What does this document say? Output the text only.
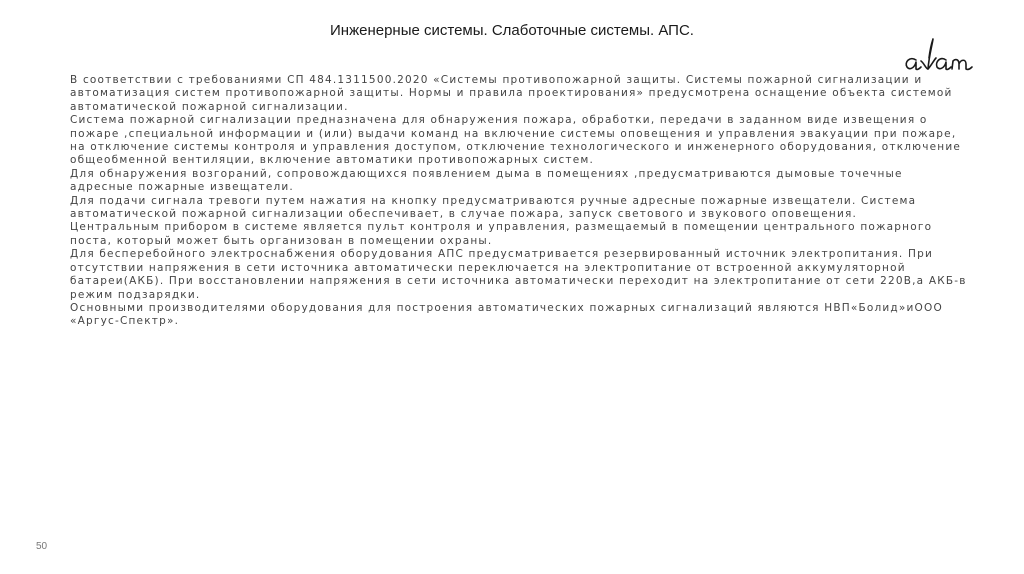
Инженерные системы. Слаботочные системы. АПС.

В соответствии с требованиями СП 484.1311500.2020 «Системы противопожарной защиты. Системы пожарной сигнализации и автоматизация систем противопожарной защиты. Нормы и правила проектирования» предусмотрена оснащение объекта системой автоматической пожарной сигнализации.

Система пожарной сигнализации предназначена для обнаружения пожара, обработки, передачи в заданном виде извещения о пожаре ,специальной информации и (или) выдачи команд на включение системы оповещения и управления эвакуации при пожаре, на отключение системы контроля и управления доступом, отключение технологического и инженерного оборудования, отключение общеобменной вентиляции, включение автоматики противопожарных систем.

Для обнаружения возгораний, сопровождающихся появлением дыма в помещениях ,предусматриваются дымовые точечные адресные пожарные извещатели.

Для подачи сигнала тревоги путем нажатия на кнопку предусматриваются ручные адресные пожарные извещатели. Система автоматической пожарной сигнализации обеспечивает, в случае пожара, запуск светового и звукового оповещения.

Центральным прибором в системе является пульт контроля и управления, размещаемый в помещении центрального пожарного поста, который может быть организован в помещении охраны.

Для бесперебойного электроснабжения оборудования АПС предусматривается резервированный источник электропитания. При отсутствии напряжения в сети источника автоматически переключается на электропитание от встроенной аккумуляторной батареи(АКБ). При восстановлении напряжения в сети источника автоматически переходит на электропитание от сети 220В,а АКБ-в режим подзарядки.

Основными производителями оборудования для построения автоматических пожарных сигнализаций являются НВП«Болид»иООО «Аргус-Спектр».

50
